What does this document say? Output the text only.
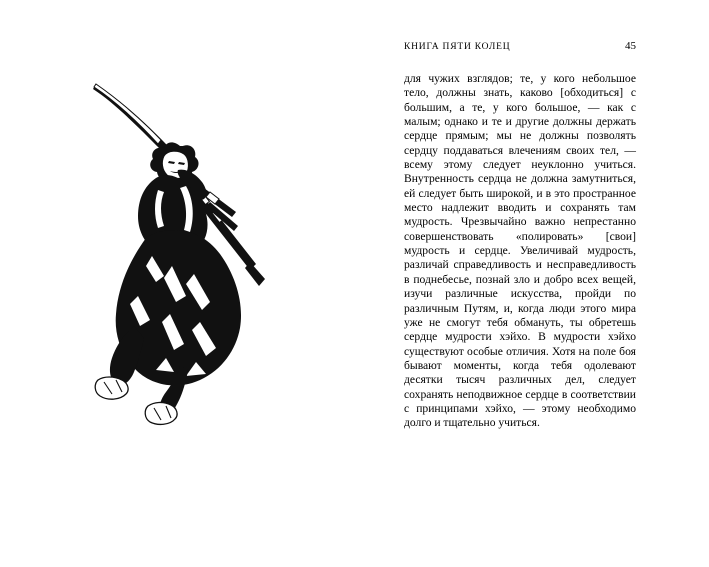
КНИГА ПЯТИ КОЛЕЦ	45

для чужих взглядов; те, у кого небольшое тело, должны знать, каково [обходиться] с большим, а те, у кого большое, — как с малым; однако и те и другие должны держать сердце прямым; мы не должны позволять сердцу поддаваться влечениям своих тел, — всему этому следует неуклонно учиться. Внутренность сердца не должна замутниться, ей следует быть широкой, и в это пространное место надлежит вводить и сохранять там мудрость. Чрезвычайно важно непрестанно совершенствовать «полировать» [свои] мудрость и сердце. Увеличивай мудрость, различай справедливость и несправедливость в поднебесье, познай зло и добро всех вещей, изучи различные искусства, пройди по различным Путям, и, когда люди этого мира уже не смогут тебя обмануть, ты обретешь сердце мудрости хэйхо. В мудрости хэйхо существуют особые отличия. Хотя на поле боя бывают моменты, когда тебя одолевают десятки тысяч различных дел, следует сохранять неподвижное сердце в соответствии с принципами хэйхо, — этому необходимо долго и тщательно учиться.
